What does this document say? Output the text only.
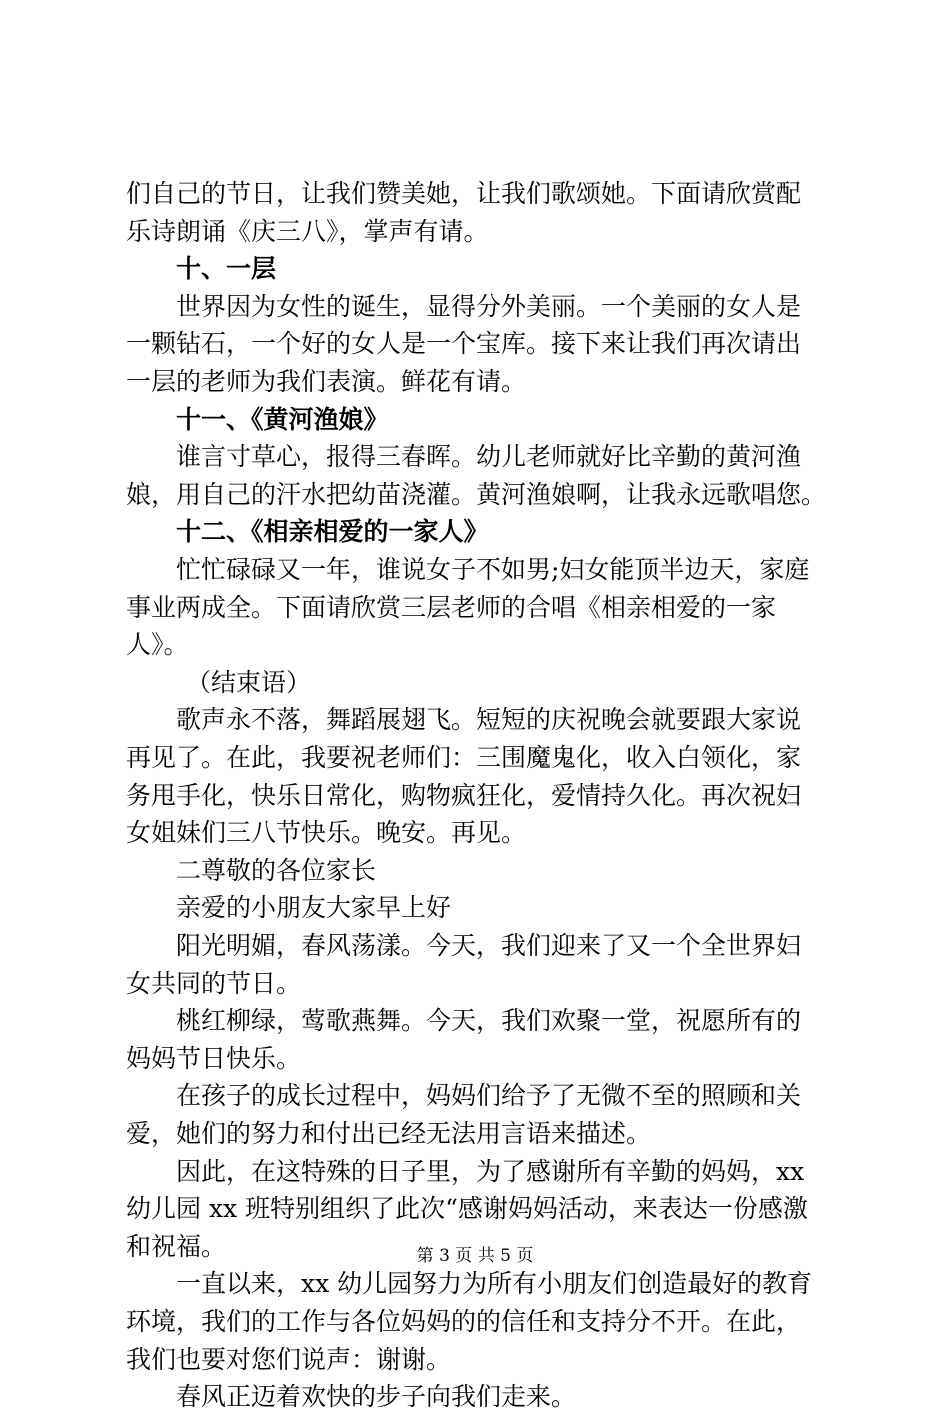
们自己的节日，让我们赞美她，让我们歌颂她。下面请欣赏配
乐诗朗诵《庆三八》，掌声有请。
十、一层
世界因为女性的诞生，显得分外美丽。一个美丽的女人是
一颗钻石，一个好的女人是一个宝库。接下来让我们再次请出
一层的老师为我们表演。鲜花有请。
十一、《黄河渔娘》
谁言寸草心，报得三春晖。幼儿老师就好比辛勤的黄河渔
娘，用自己的汗水把幼苗浇灌。黄河渔娘啊，让我永远歌唱您。
十二、《相亲相爱的一家人》
忙忙碌碌又一年，谁说女子不如男;妇女能顶半边天，家庭
事业两成全。下面请欣赏三层老师的合唱《相亲相爱的一家
人》。
（结束语）
歌声永不落，舞蹈展翅飞。短短的庆祝晚会就要跟大家说
再见了。在此，我要祝老师们：三围魔鬼化，收入白领化，家
务甩手化，快乐日常化，购物疯狂化，爱情持久化。再次祝妇
女姐妹们三八节快乐。晚安。再见。
二尊敬的各位家长
亲爱的小朋友大家早上好
阳光明媚，春风荡漾。今天，我们迎来了又一个全世界妇
女共同的节日。
桃红柳绿，莺歌燕舞。今天，我们欢聚一堂，祝愿所有的
妈妈节日快乐。
在孩子的成长过程中，妈妈们给予了无微不至的照顾和关
爱，她们的努力和付出已经无法用言语来描述。
因此，在这特殊的日子里，为了感谢所有辛勤的妈妈，xx
幼儿园 xx 班特别组织了此次“感谢妈妈活动，来表达一份感激
和祝福。
一直以来，xx 幼儿园努力为所有小朋友们创造最好的教育
环境，我们的工作与各位妈妈的的信任和支持分不开。在此，
我们也要对您们说声：谢谢。
春风正迈着欢快的步子向我们走来。
第 3 页 共 5 页
